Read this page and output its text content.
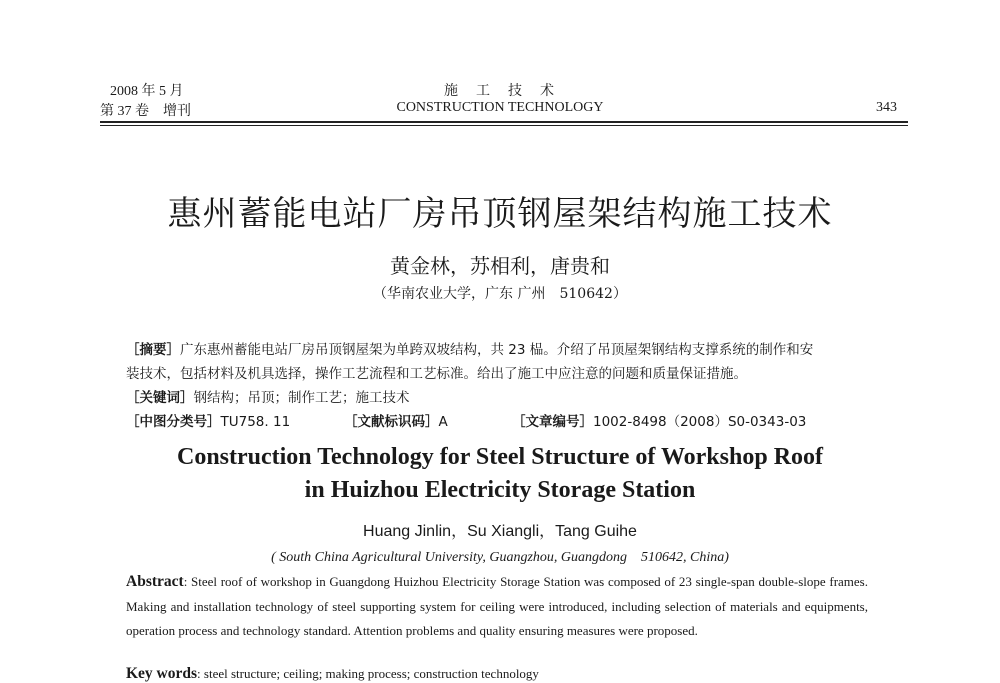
2008 年 5 月
第 37 卷　增刊
施　工　技　术
CONSTRUCTION TECHNOLOGY	343
惠州蓄能电站厂房吊顶钢屋架结构施工技术
黄金林，苏相利，唐贵和
（华南农业大学，广东 广州　510642）
［摘要］广东惠州蓄能电站厂房吊顶钢屋架为单跨双坡结构，共 23 榀。介绍了吊顶屋架钢结构支撑系统的制作和安
装技术，包括材料及机具选择，操作工艺流程和工艺标准。给出了施工中应注意的问题和质量保证措施。
［关键词］钢结构；吊顶；制作工艺；施工技术
［中图分类号］TU758. 11	［文献标识码］A	［文章编号］1002-8498（2008）S0-0343-03
Construction Technology for Steel Structure of Workshop Roof
in Huizhou Electricity Storage Station
Huang Jinlin，Su Xiangli，Tang Guihe
( South China Agricultural University, Guangzhou, Guangdong　510642, China)
Abstract: Steel roof of workshop in Guangdong Huizhou Electricity Storage Station was composed of 23 single-span double-slope frames. Making and installation technology of steel supporting system for ceiling were introduced, including selection of materials and equipments, operation process and technology standard. Attention problems and quality ensuring measures were proposed.
Key words: steel structure; ceiling; making process; construction technology
